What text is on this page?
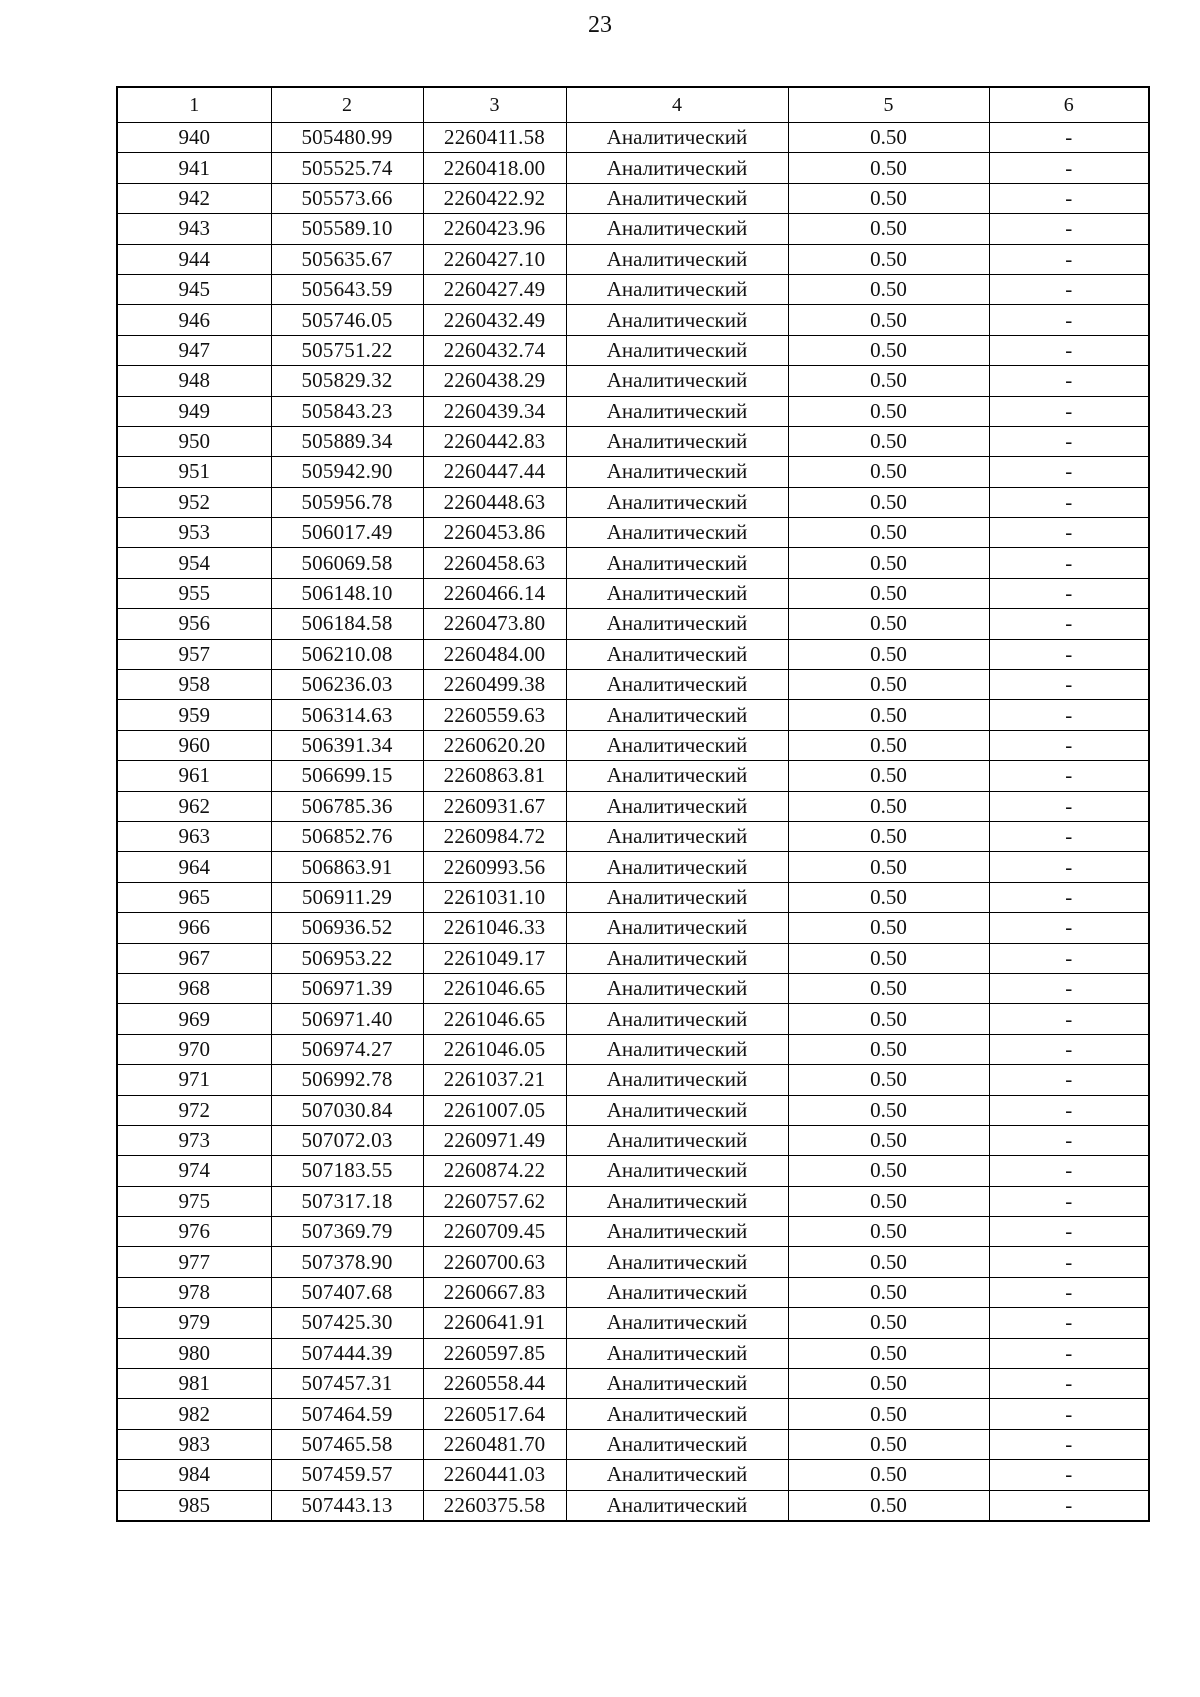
23
1	2	3	4	5	6
940	505480.99	2260411.58	Аналитический	0.50	-
941	505525.74	2260418.00	Аналитический	0.50	-
942	505573.66	2260422.92	Аналитический	0.50	-
943	505589.10	2260423.96	Аналитический	0.50	-
944	505635.67	2260427.10	Аналитический	0.50	-
945	505643.59	2260427.49	Аналитический	0.50	-
946	505746.05	2260432.49	Аналитический	0.50	-
947	505751.22	2260432.74	Аналитический	0.50	-
948	505829.32	2260438.29	Аналитический	0.50	-
949	505843.23	2260439.34	Аналитический	0.50	-
950	505889.34	2260442.83	Аналитический	0.50	-
951	505942.90	2260447.44	Аналитический	0.50	-
952	505956.78	2260448.63	Аналитический	0.50	-
953	506017.49	2260453.86	Аналитический	0.50	-
954	506069.58	2260458.63	Аналитический	0.50	-
955	506148.10	2260466.14	Аналитический	0.50	-
956	506184.58	2260473.80	Аналитический	0.50	-
957	506210.08	2260484.00	Аналитический	0.50	-
958	506236.03	2260499.38	Аналитический	0.50	-
959	506314.63	2260559.63	Аналитический	0.50	-
960	506391.34	2260620.20	Аналитический	0.50	-
961	506699.15	2260863.81	Аналитический	0.50	-
962	506785.36	2260931.67	Аналитический	0.50	-
963	506852.76	2260984.72	Аналитический	0.50	-
964	506863.91	2260993.56	Аналитический	0.50	-
965	506911.29	2261031.10	Аналитический	0.50	-
966	506936.52	2261046.33	Аналитический	0.50	-
967	506953.22	2261049.17	Аналитический	0.50	-
968	506971.39	2261046.65	Аналитический	0.50	-
969	506971.40	2261046.65	Аналитический	0.50	-
970	506974.27	2261046.05	Аналитический	0.50	-
971	506992.78	2261037.21	Аналитический	0.50	-
972	507030.84	2261007.05	Аналитический	0.50	-
973	507072.03	2260971.49	Аналитический	0.50	-
974	507183.55	2260874.22	Аналитический	0.50	-
975	507317.18	2260757.62	Аналитический	0.50	-
976	507369.79	2260709.45	Аналитический	0.50	-
977	507378.90	2260700.63	Аналитический	0.50	-
978	507407.68	2260667.83	Аналитический	0.50	-
979	507425.30	2260641.91	Аналитический	0.50	-
980	507444.39	2260597.85	Аналитический	0.50	-
981	507457.31	2260558.44	Аналитический	0.50	-
982	507464.59	2260517.64	Аналитический	0.50	-
983	507465.58	2260481.70	Аналитический	0.50	-
984	507459.57	2260441.03	Аналитический	0.50	-
985	507443.13	2260375.58	Аналитический	0.50	-
